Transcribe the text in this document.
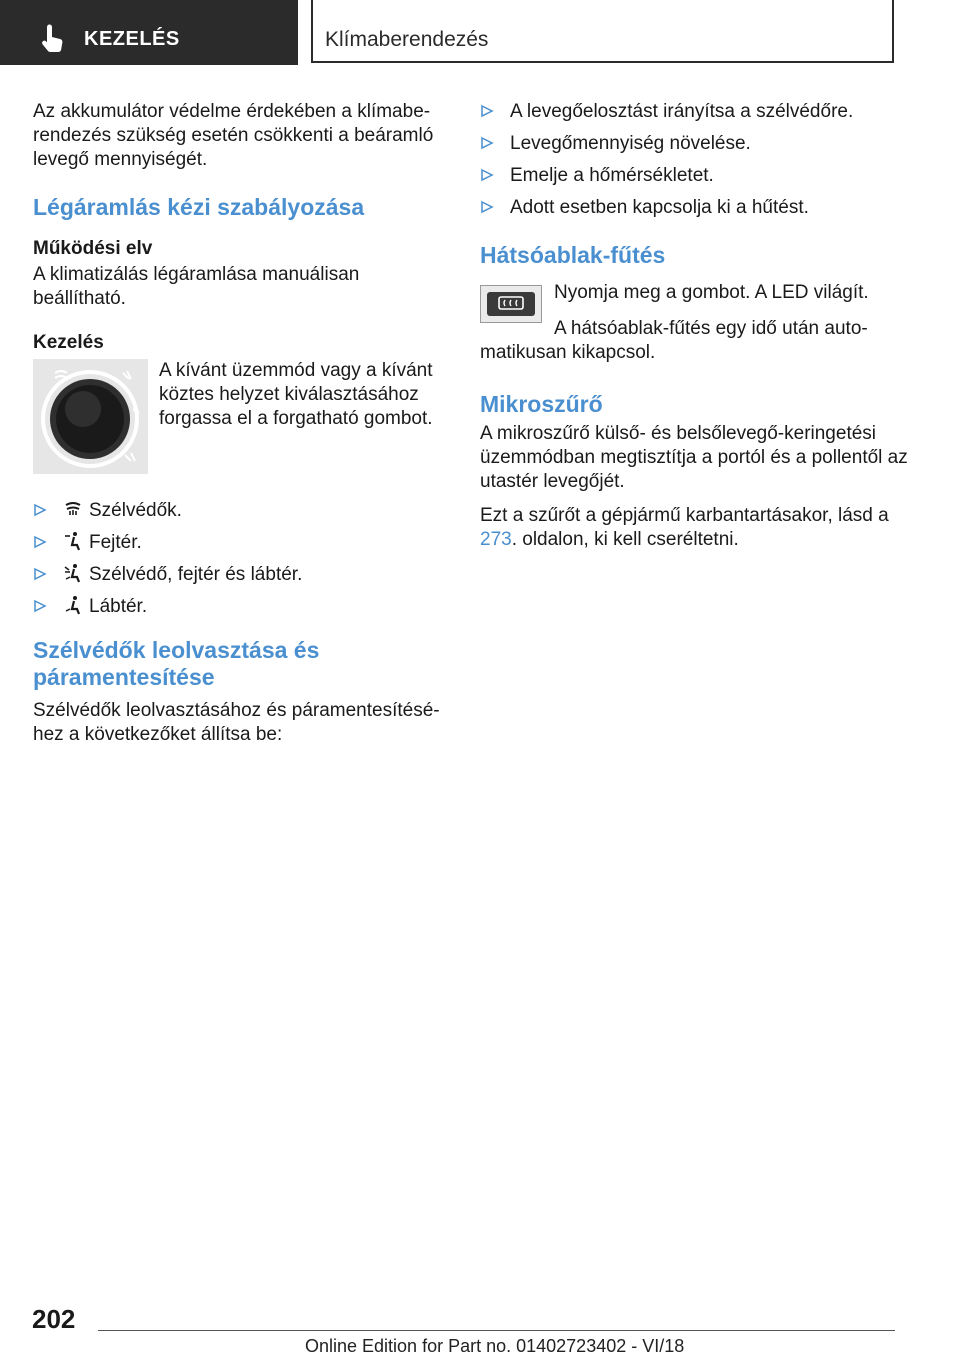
KEZELÉS	Klímaberendezés

Az akkumulátor védelme érdekében a klímabe-rendezés szükség esetén csökkenti a beáramló levegő mennyiségét.

Légáramlás kézi szabályozása
Működési elv

A klimatizálás légáramlása manuálisan beállítható.

Kezelés
A kívánt üzemmód vagy a kívánt köztes helyzet kiválasztásához forgassa el a forgatható gombot.
Szélvédők.
Fejtér.
Szélvédő, fejtér és lábtér.
Lábtér.
Szélvédők leolvasztása és páramentesítése

Szélvédők leolvasztásához és páramentesítésé-hez a következőket állítsa be:

A levegőelosztást irányítsa a szélvédőre.
Levegőmennyiség növelése.
Emelje a hőmérsékletet.
Adott esetben kapcsolja ki a hűtést.
Hátsóablak-fűtés
Nyomja meg a gombot. A LED világít.

A hátsóablak-fűtés egy idő után auto-matikusan kikapcsol.

Mikroszűrő

A mikroszűrő külső- és belsőlevegő-keringetési üzemmódban megtisztítja a portól és a pollentől az utastér levegőjét.

Ezt a szűrőt a gépjármű karbantartásakor, lásd a 273. oldalon, ki kell cseréltetni.

202
Online Edition for Part no. 01402723402 - VI/18
